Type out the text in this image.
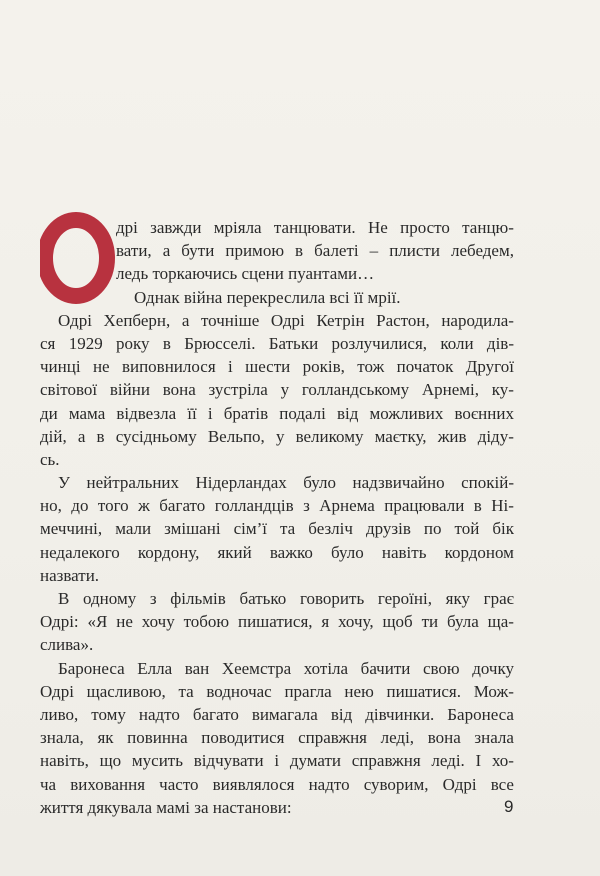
дрі завжди мріяла танцювати. Не просто танцю-
вати, а бути примою в балеті – плисти лебедем,
ледь торкаючись сцени пуантами…
Однак війна перекреслила всі її мрії.
Одрі Хепберн, а точніше Одрі Кетрін Растон, народила-
ся 1929 року в Брюсселі. Батьки розлучилися, коли дів-
чинці не виповнилося і шести років, тож початок Другої
світової війни вона зустріла у голландському Арнемі, ку-
ди мама відвезла її і братів подалі від можливих воєнних
дій, а в сусідньому Вельпо, у великому маєтку, жив діду-
сь.
У нейтральних Нідерландах було надзвичайно спокій-
но, до того ж багато голландців з Арнема працювали в Ні-
меччині, мали змішані сім’ї та безліч друзів по той бік
недалекого кордону, який важко було навіть кордоном
назвати.
В одному з фільмів батько говорить героїні, яку грає
Одрі: «Я не хочу тобою пишатися, я хочу, щоб ти була ща-
слива».
Баронеса Елла ван Хеемстра хотіла бачити свою дочку
Одрі щасливою, та водночас прагла нею пишатися. Мож-
ливо, тому надто багато вимагала від дівчинки. Баронеса
знала, як повинна поводитися справжня леді, вона знала
навіть, що мусить відчувати і думати справжня леді. І хо-
ча виховання часто виявлялося надто суворим, Одрі все
життя дякувала мамі за настанови:	9
